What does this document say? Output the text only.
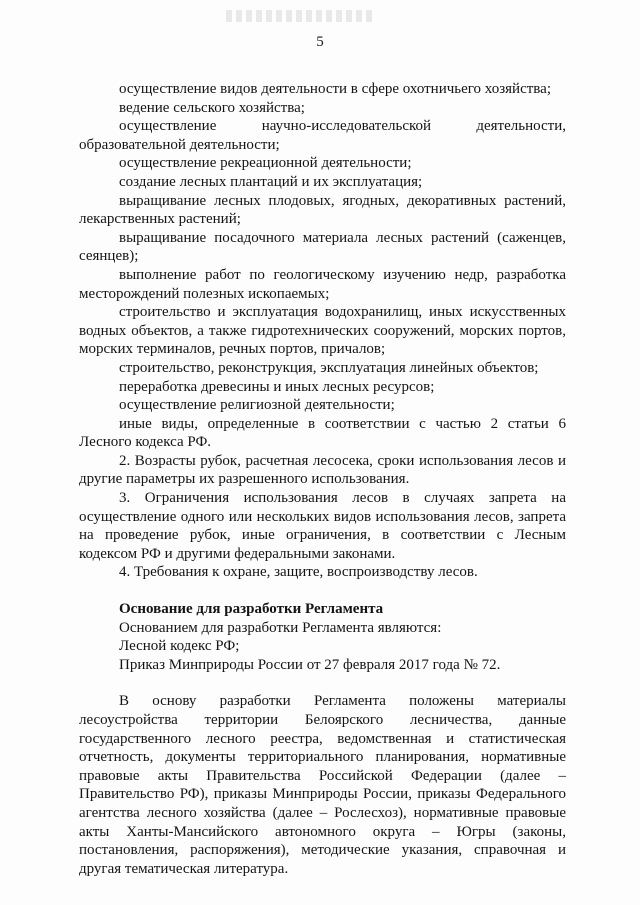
5

осуществление видов деятельности в сфере охотничьего хозяйства;

ведение сельского хозяйства;

осуществление научно-исследовательской деятельности, образовательной деятельности;

осуществление рекреационной деятельности;

создание лесных плантаций и их эксплуатация;

выращивание лесных плодовых, ягодных, декоративных растений, лекарственных растений;

выращивание посадочного материала лесных растений (саженцев, сеянцев);

выполнение работ по геологическому изучению недр, разработка месторождений полезных ископаемых;

строительство и эксплуатация водохранилищ, иных искусственных водных объектов, а также гидротехнических сооружений, морских портов, морских терминалов, речных портов, причалов;

строительство, реконструкция, эксплуатация линейных объектов;

переработка древесины и иных лесных ресурсов;

осуществление религиозной деятельности;

иные виды, определенные в соответствии с частью 2 статьи 6 Лесного кодекса РФ.

2. Возрасты рубок, расчетная лесосека, сроки использования лесов и другие параметры их разрешенного использования.

3. Ограничения использования лесов в случаях запрета на осуществление одного или нескольких видов использования лесов, запрета на проведение рубок, иные ограничения, в соответствии с Лесным кодексом РФ и другими федеральными законами.

4. Требования к охране, защите, воспроизводству лесов.

Основание для разработки Регламента

Основанием для разработки Регламента являются:

Лесной кодекс РФ;

Приказ Минприроды России от 27 февраля 2017 года № 72.

В основу разработки Регламента положены материалы лесоустройства территории Белоярского лесничества, данные государственного лесного реестра, ведомственная и статистическая отчетность, документы территориального планирования, нормативные правовые акты Правительства Российской Федерации (далее – Правительство РФ), приказы Минприроды России, приказы Федерального агентства лесного хозяйства (далее – Рослесхоз), нормативные правовые акты Ханты-Мансийского автономного округа – Югры (законы, постановления, распоряжения), методические указания, справочная и другая тематическая литература.
